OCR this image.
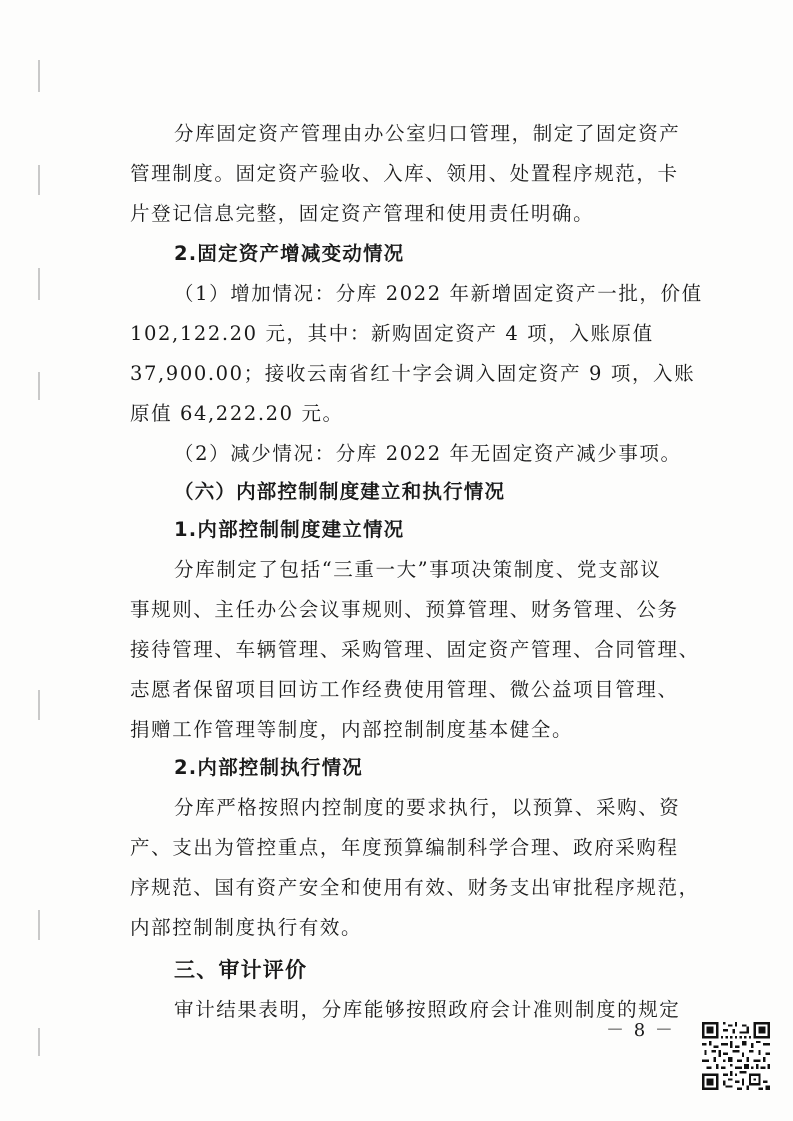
分库固定资产管理由办公室归口管理，制定了固定资产
管理制度。固定资产验收、入库、领用、处置程序规范，卡
片登记信息完整，固定资产管理和使用责任明确。
2.固定资产增减变动情况
（1）增加情况：分库 2022 年新增固定资产一批，价值
102,122.20 元，其中：新购固定资产 4 项，入账原值
37,900.00；接收云南省红十字会调入固定资产 9 项，入账
原值 64,222.20 元。
（2）减少情况：分库 2022 年无固定资产减少事项。
（六）内部控制制度建立和执行情况
1.内部控制制度建立情况
分库制定了包括“三重一大”事项决策制度、党支部议
事规则、主任办公会议事规则、预算管理、财务管理、公务
接待管理、车辆管理、采购管理、固定资产管理、合同管理、
志愿者保留项目回访工作经费使用管理、微公益项目管理、
捐赠工作管理等制度，内部控制制度基本健全。
2.内部控制执行情况
分库严格按照内控制度的要求执行，以预算、采购、资
产、支出为管控重点，年度预算编制科学合理、政府采购程
序规范、国有资产安全和使用有效、财务支出审批程序规范，
内部控制制度执行有效。
三、审计评价
审计结果表明，分库能够按照政府会计准则制度的规定
－ 8 －
